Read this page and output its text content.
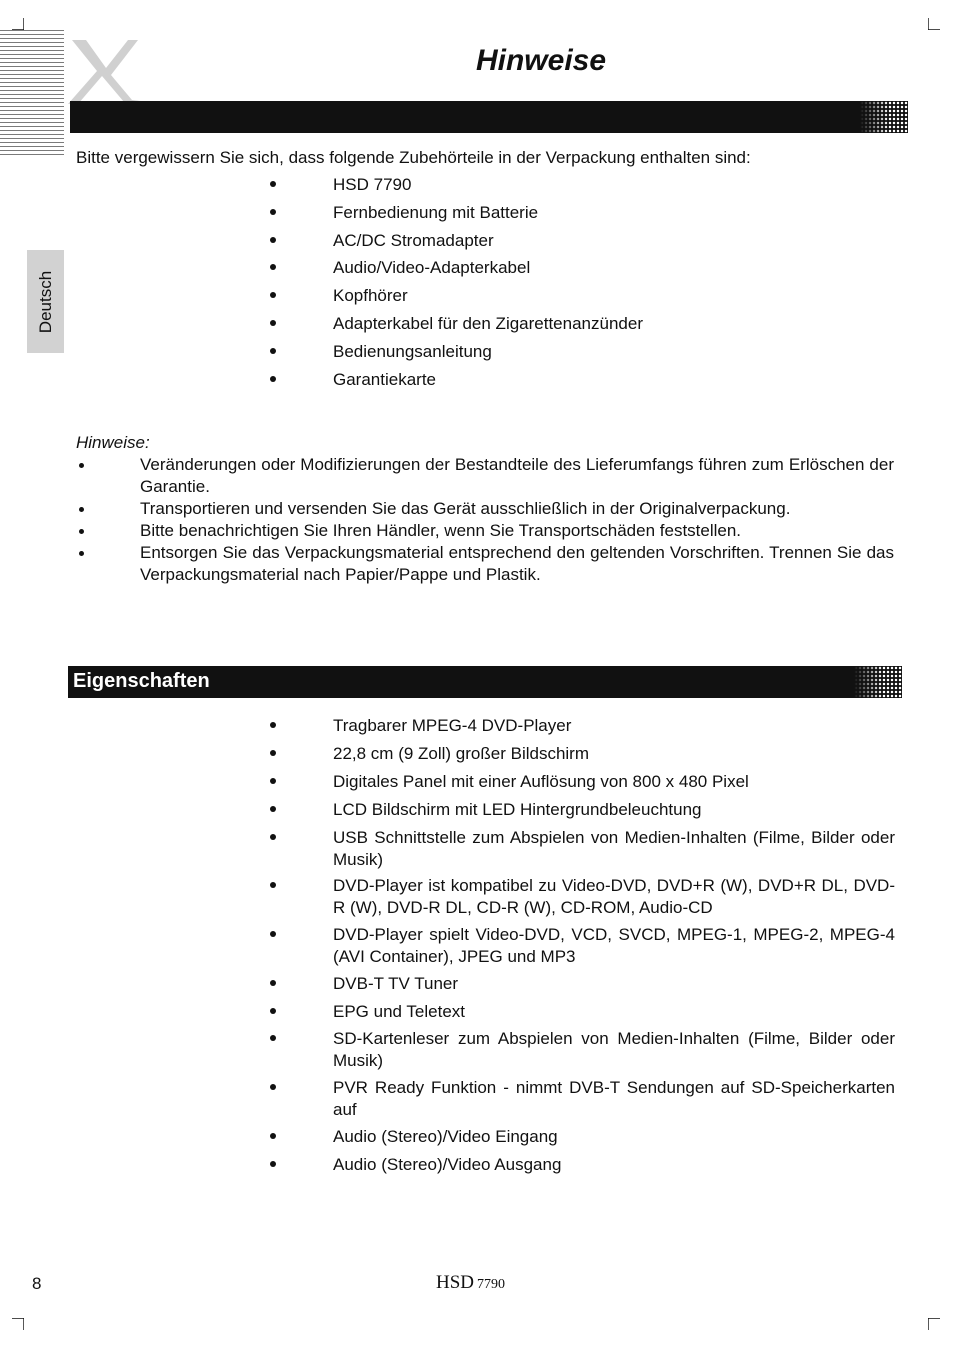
Hinweise
Deutsch
Bitte vergewissern Sie sich, dass folgende Zubehörteile in der Verpackung enthalten sind:
HSD 7790
Fernbedienung mit Batterie
AC/DC Stromadapter
Audio/Video-Adapterkabel
Kopfhörer
Adapterkabel für den Zigarettenanzünder
Bedienungsanleitung
Garantiekarte
Hinweise:
Veränderungen oder Modifizierungen der Bestandteile des Lieferumfangs führen zum Erlöschen der Garantie.
Transportieren und versenden Sie das Gerät ausschließlich in der Originalverpackung.
Bitte benachrichtigen Sie Ihren Händler, wenn Sie Transportschäden feststellen.
Entsorgen Sie das Verpackungsmaterial entsprechend den geltenden Vorschriften. Trennen Sie das Verpackungsmaterial nach Papier/Pappe und Plastik.
Eigenschaften
Tragbarer MPEG-4 DVD-Player
22,8 cm (9 Zoll) großer Bildschirm
Digitales Panel mit einer Auflösung von 800 x 480 Pixel
LCD Bildschirm mit LED Hintergrundbeleuchtung
USB Schnittstelle zum Abspielen von Medien-Inhalten (Filme, Bilder oder Musik)
DVD-Player ist kompatibel zu Video-DVD, DVD+R (W), DVD+R DL, DVD-R (W), DVD-R DL, CD-R (W), CD-ROM, Audio-CD
DVD-Player spielt Video-DVD, VCD, SVCD, MPEG-1, MPEG-2, MPEG-4 (AVI Container), JPEG und MP3
DVB-T TV Tuner
EPG und Teletext
SD-Kartenleser zum Abspielen von Medien-Inhalten (Filme, Bilder oder Musik)
PVR Ready Funktion - nimmt DVB-T Sendungen auf SD-Speicherkarten auf
Audio (Stereo)/Video Eingang
Audio (Stereo)/Video Ausgang
8	HSD 7790
